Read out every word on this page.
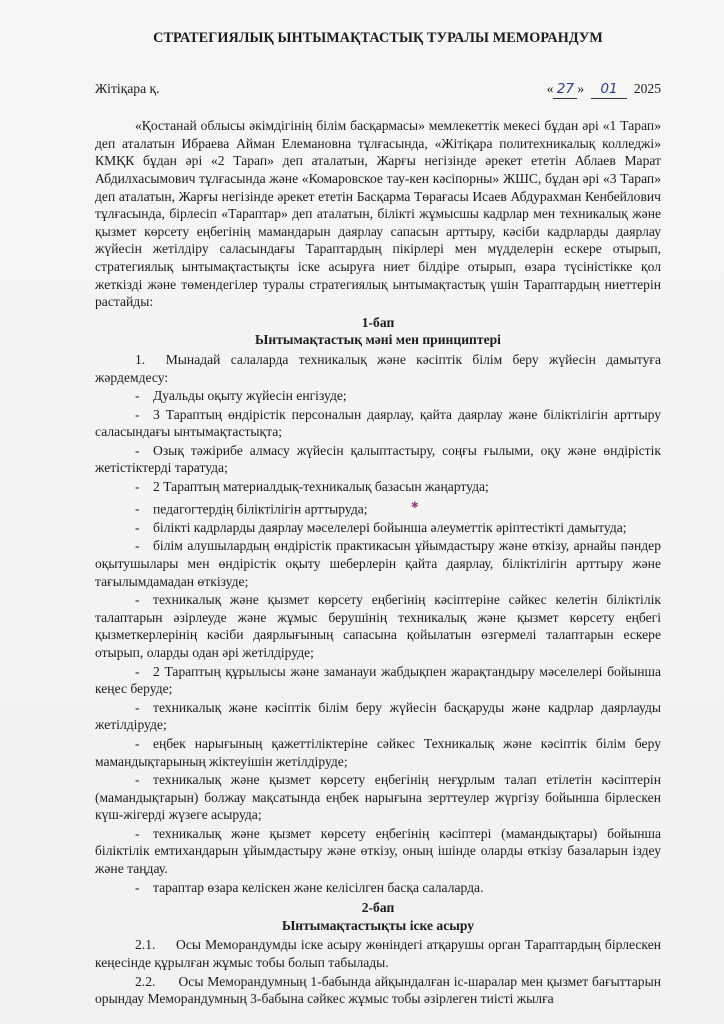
СТРАТЕГИЯЛЫҚ ЫНТЫМАҚТАСТЫҚ ТУРАЛЫ МЕМОРАНДУМ
Жітіқара қ.	« 27 » 01 2025

«Қостанай облысы әкімдігінің білім басқармасы» мемлекеттік мекесі бұдан әрі «1 Тарап» деп аталатын Ибраева Айман Елемановна тұлғасында, «Жітіқара политехникалық колледжі» КМҚК бұдан әрі «2 Тарап» деп аталатын, Жарғы негізінде әрекет ететін Аблаев Марат Абдилхасымович тұлғасында және «Комаровское тау-кен кәсіпорны» ЖШС, бұдан әрі «3 Тарап» деп аталатын, Жарғы негізінде әрекет ететін Басқарма Төрағасы Исаев Абдурахман Кенбейлович тұлғасында, бірлесіп «Тараптар» деп аталатын, білікті жұмысшы кадрлар мен техникалық және қызмет көрсету еңбегінің мамандарын даярлау сапасын арттыру, кәсіби кадрларды даярлау жүйесін жетілдіру саласындағы Тараптардың пікірлері мен мүдделерін ескере отырып, стратегиялық ынтымақтастықты іске асыруға ниет білдіре отырып, өзара түсіністікке қол жеткізді және төмендегілер туралы стратегиялық ынтымақтастық үшін Тараптардың ниеттерін растайды:

1-бап
Ынтымақтастық мәні мен принциптері

1.  Мынадай салаларда техникалық және кәсіптік білім беру жүйесін дамытуға жәрдемдесу:

- Дуальды оқыту жүйесін енгізуде;

- 3 Тараптың өндірістік персоналын даярлау, қайта даярлау және біліктілігін арттыру саласындағы ынтымақтастықта;

- Озық тәжірибе алмасу жүйесін қалыптастыру, соңғы ғылыми, оқу және өндірістік жетістіктерді таратуда;

- 2 Тараптың материалдық-техникалық базасын жаңартуда;

- педагогтердің біліктілігін арттыруда;	✱

- білікті кадрларды даярлау мәселелері бойынша әлеуметтік әріптестікті дамытуда;

- білім алушылардың өндірістік практикасын ұйымдастыру және өткізу, арнайы пәндер оқытушылары мен өндірістік оқыту шеберлерін қайта даярлау, біліктілігін арттыру және тағылымдамадан өткізуде;

- техникалық және қызмет көрсету еңбегінің кәсіптеріне сәйкес келетін біліктілік талаптарын әзірлеуде және жұмыс берушінің техникалық және қызмет көрсету еңбегі қызметкерлерінің кәсіби даярлығының сапасына қойылатын өзгермелі талаптарын ескере отырып, оларды одан әрі жетілдіруде;

- 2 Тараптың құрылысы және заманауи жабдықпен жарақтандыру мәселелері бойынша кеңес беруде;

- техникалық және кәсіптік білім беру жүйесін басқаруды және кадрлар даярлауды жетілдіруде;

- еңбек нарығының қажеттіліктеріне сәйкес Техникалық және кәсіптік білім беру мамандықтарының жіктеуішін жетілдіруде;

- техникалық және қызмет көрсету еңбегінің неғұрлым талап етілетін кәсіптерін (мамандықтарын) болжау мақсатында еңбек нарығына зерттеулер жүргізу бойынша бірлескен күш-жігерді жүзеге асыруда;

- техникалық және қызмет көрсету еңбегінің кәсіптері (мамандықтары) бойынша біліктілік емтихандарын ұйымдастыру және өткізу, оның ішінде оларды өткізу базаларын іздеу және таңдау.

- тараптар өзара келіскен және келісілген басқа салаларда.

2-бап
Ынтымақтастықты іске асыру

2.1.     Осы Меморандумды іске асыру жөніндегі атқарушы орган Тараптардың бірлескен кеңесінде құрылған жұмыс тобы болып табылады.

2.2.      Осы Меморандумның 1-бабында айқындалған іс-шаралар мен қызмет бағыттарын орындау Меморандумның 3-бабына сәйкес жұмыс тобы әзірлеген тиісті жылға
